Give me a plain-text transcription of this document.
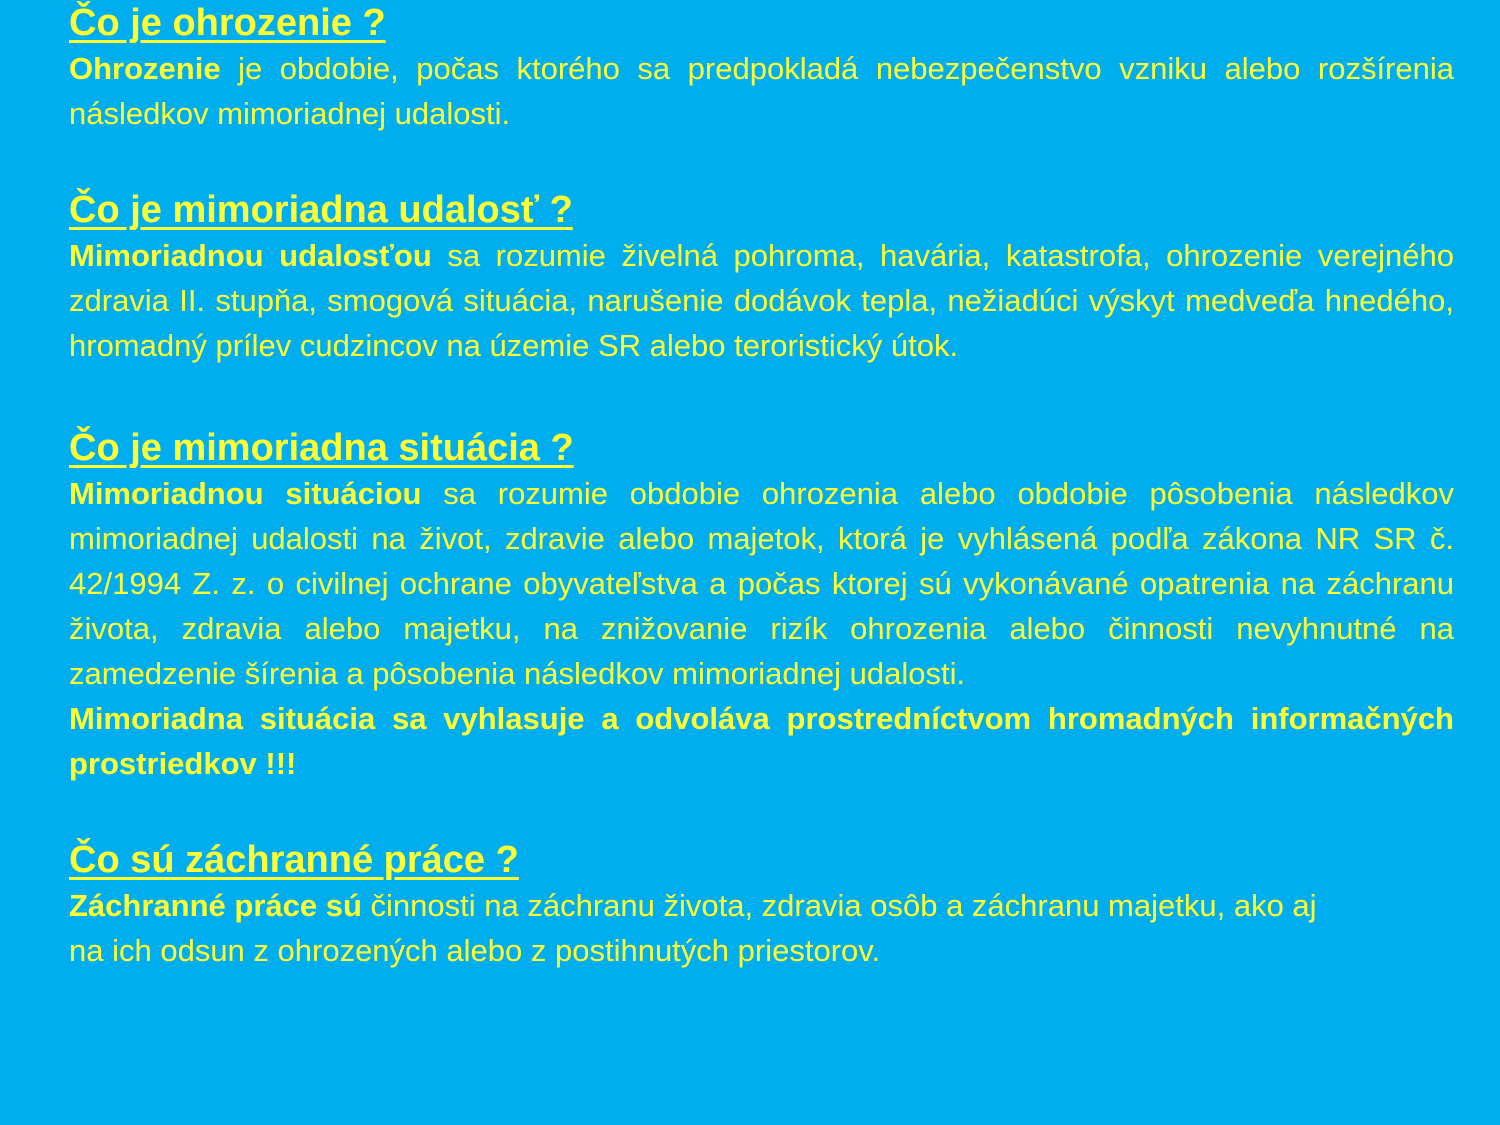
Čo je ohrozenie ?

Ohrozenie je obdobie, počas ktorého sa predpokladá nebezpečenstvo vzniku alebo rozšírenia následkov mimoriadnej udalosti.

Čo je mimoriadna udalosť ?

Mimoriadnou udalosťou sa rozumie živelná pohroma, havária, katastrofa, ohrozenie verejného zdravia II. stupňa, smogová situácia, narušenie dodávok tepla, nežiadúci výskyt medveďa hnedého, hromadný prílev cudzincov na územie SR alebo teroristický útok.

Čo je mimoriadna situácia ?

Mimoriadnou situáciou sa rozumie obdobie ohrozenia alebo obdobie pôsobenia následkov mimoriadnej udalosti na život, zdravie alebo majetok, ktorá je vyhlásená podľa zákona NR SR č. 42/1994 Z. z. o civilnej ochrane obyvateľstva a počas ktorej sú vykonávané opatrenia na záchranu života, zdravia alebo majetku, na znižovanie rizík ohrozenia alebo činnosti nevyhnutné na zamedzenie šírenia a pôsobenia následkov mimoriadnej udalosti.

Mimoriadna situácia sa vyhlasuje a odvoláva prostredníctvom hromadných informačných prostriedkov !!!

Čo sú záchranné práce ?

Záchranné práce sú činnosti na záchranu života, zdravia osôb a záchranu majetku, ako aj na ich odsun z ohrozených alebo z postihnutých priestorov.
